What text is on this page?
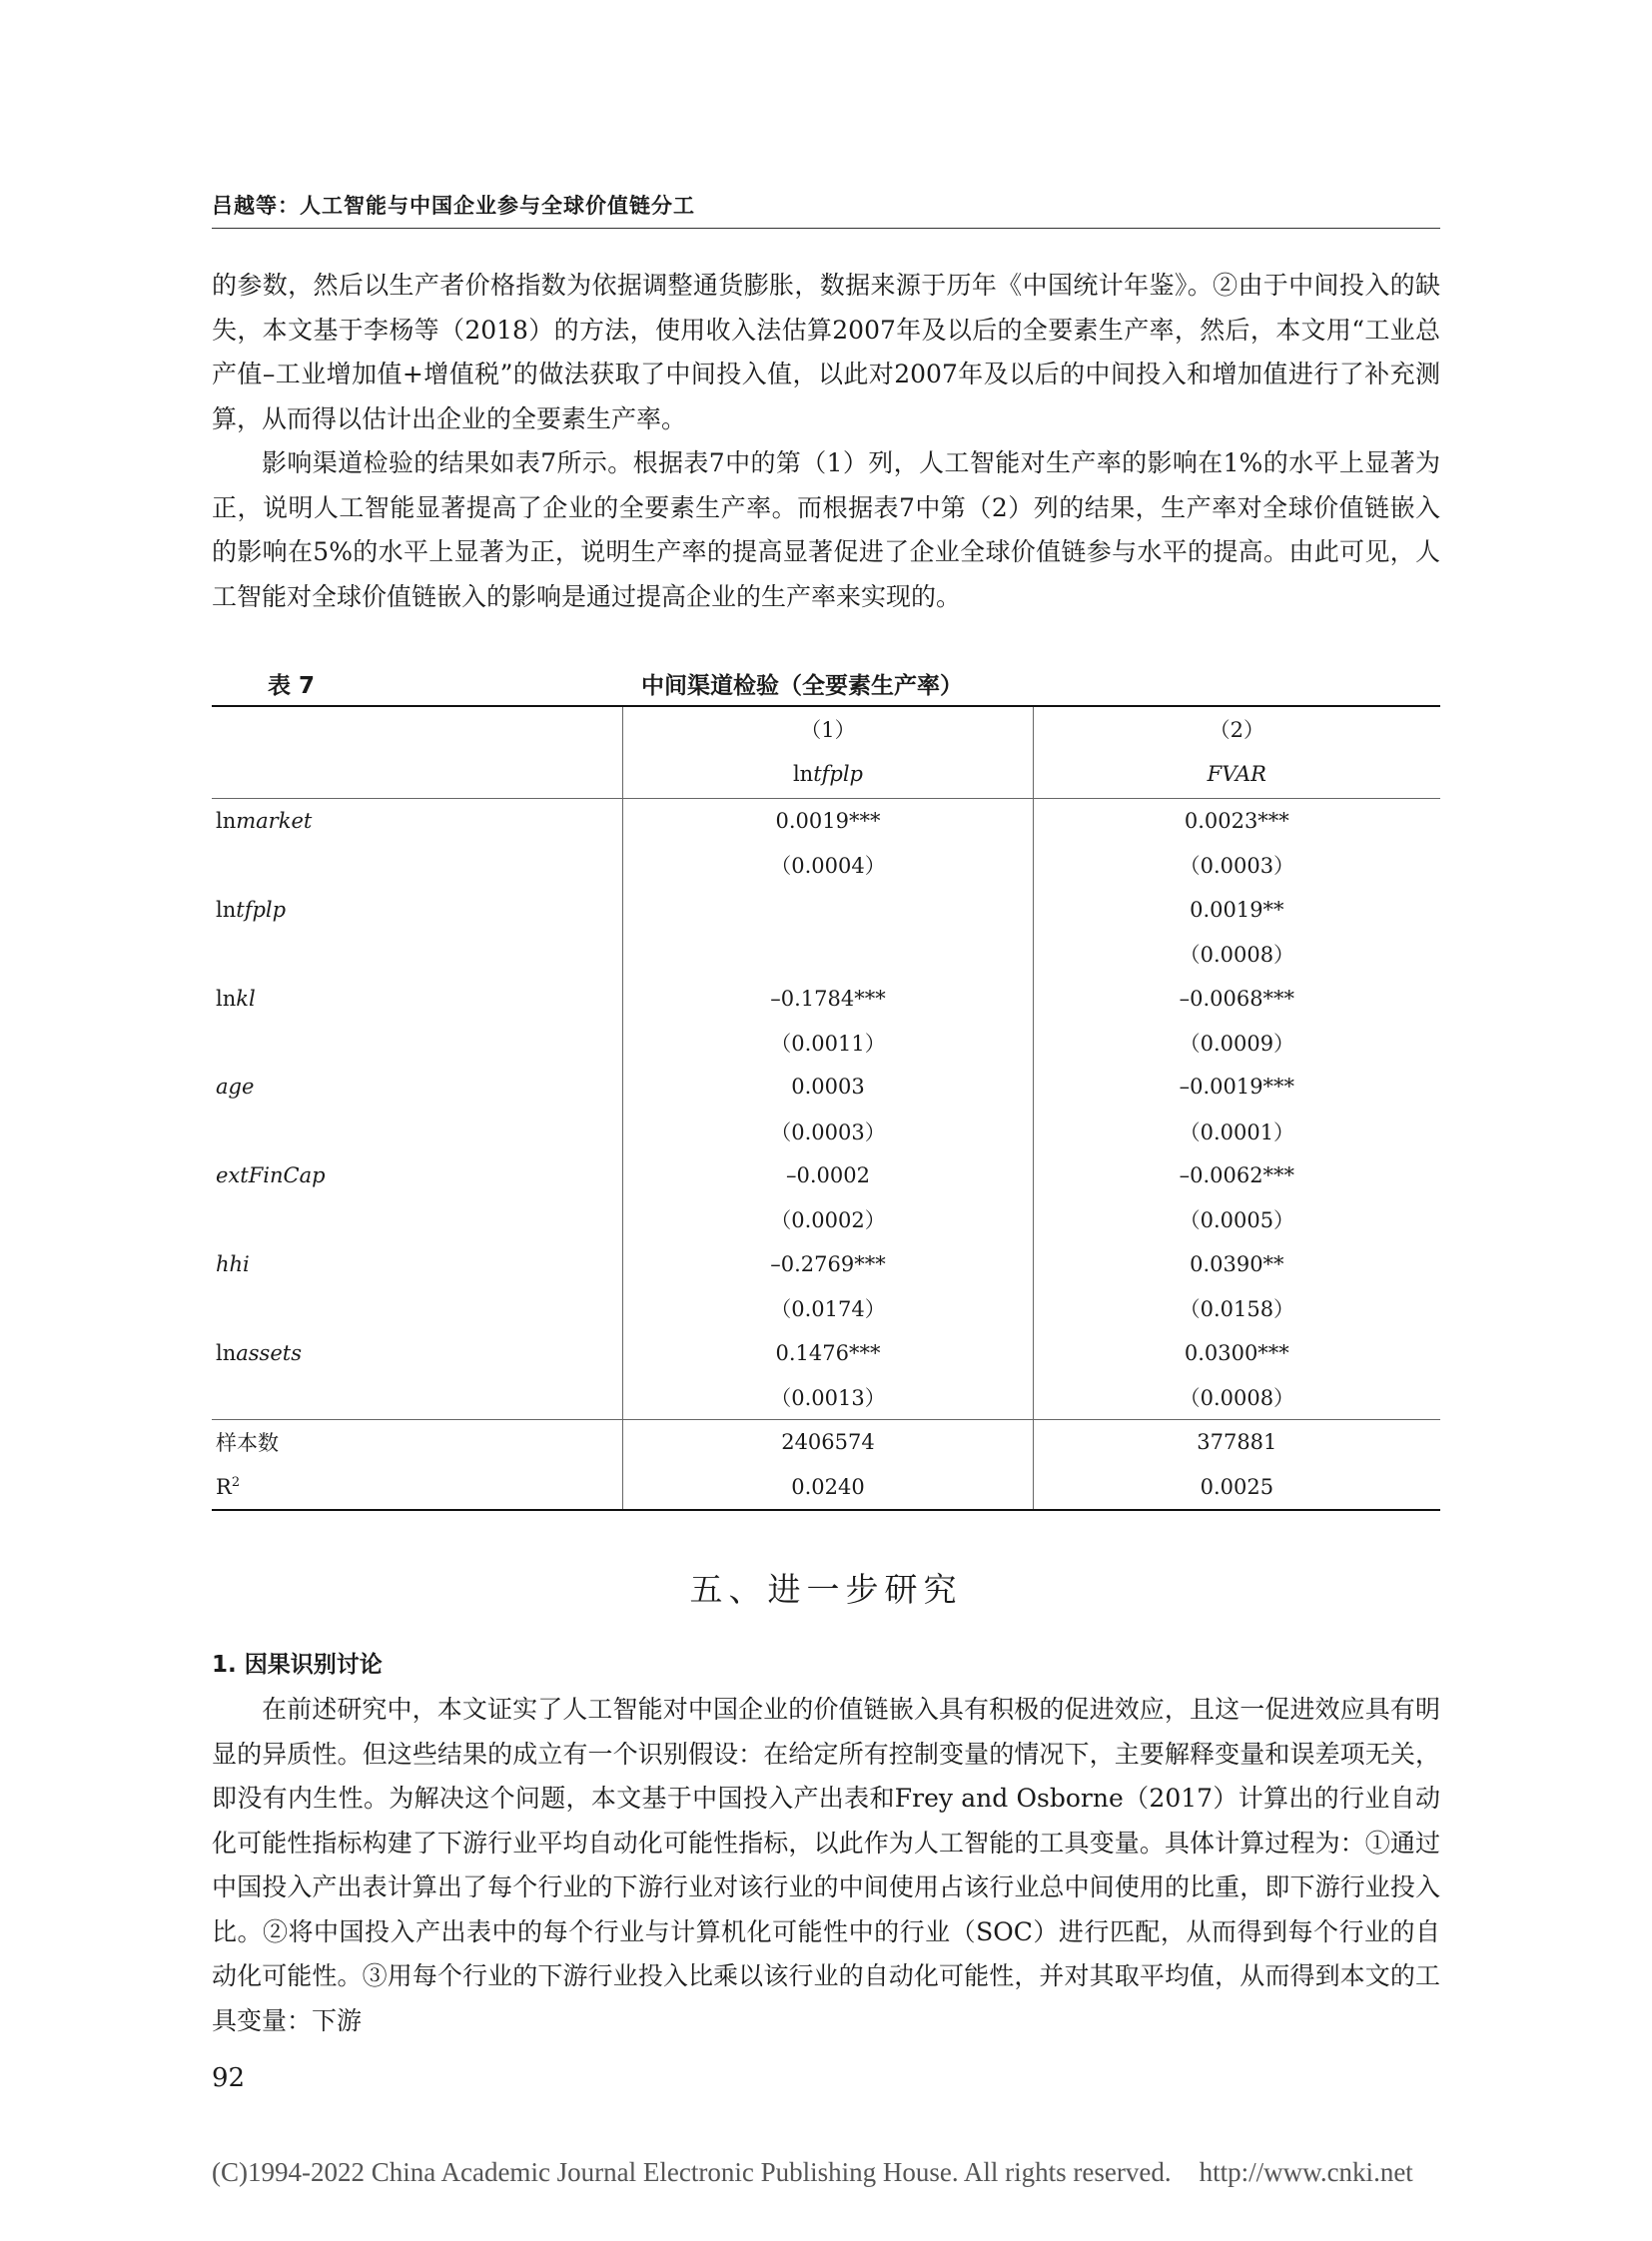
吕越等：人工智能与中国企业参与全球价值链分工

的参数，然后以生产者价格指数为依据调整通货膨胀，数据来源于历年《中国统计年鉴》。②由于中间投入的缺失，本文基于李杨等（2018）的方法，使用收入法估算2007年及以后的全要素生产率，然后，本文用“工业总产值–工业增加值+增值税”的做法获取了中间投入值，以此对2007年及以后的中间投入和增加值进行了补充测算，从而得以估计出企业的全要素生产率。

影响渠道检验的结果如表7所示。根据表7中的第（1）列，人工智能对生产率的影响在1%的水平上显著为正，说明人工智能显著提高了企业的全要素生产率。而根据表7中第（2）列的结果，生产率对全球价值链嵌入的影响在5%的水平上显著为正，说明生产率的提高显著促进了企业全球价值链参与水平的提高。由此可见，人工智能对全球价值链嵌入的影响是通过提高企业的生产率来实现的。

表 7	中间渠道检验（全要素生产率）
	（1）	（2）
	lntfplp	FVAR
lnmarket	0.0019***	0.0023***
	（0.0004）	（0.0003）
lntfplp		0.0019**
		（0.0008）
lnkl	–0.1784***	–0.0068***
	（0.0011）	（0.0009）
age	0.0003	–0.0019***
	（0.0003）	（0.0001）
extFinCap	–0.0002	–0.0062***
	（0.0002）	（0.0005）
hhi	–0.2769***	0.0390**
	（0.0174）	（0.0158）
lnassets	0.1476***	0.0300***
	（0.0013）	（0.0008）
样本数	2406574	377881
$R^2$	0.0240	0.0025
五、进一步研究
1. 因果识别讨论

在前述研究中，本文证实了人工智能对中国企业的价值链嵌入具有积极的促进效应，且这一促进效应具有明显的异质性。但这些结果的成立有一个识别假设：在给定所有控制变量的情况下，主要解释变量和误差项无关，即没有内生性。为解决这个问题，本文基于中国投入产出表和Frey and Osborne（2017）计算出的行业自动化可能性指标构建了下游行业平均自动化可能性指标，以此作为人工智能的工具变量。具体计算过程为：①通过中国投入产出表计算出了每个行业的下游行业对该行业的中间使用占该行业总中间使用的比重，即下游行业投入比。②将中国投入产出表中的每个行业与计算机化可能性中的行业（SOC）进行匹配，从而得到每个行业的自动化可能性。③用每个行业的下游行业投入比乘以该行业的自动化可能性，并对其取平均值，从而得到本文的工具变量：下游

92
(C)1994-2022 China Academic Journal Electronic Publishing House. All rights reserved. http://www.cnki.net
